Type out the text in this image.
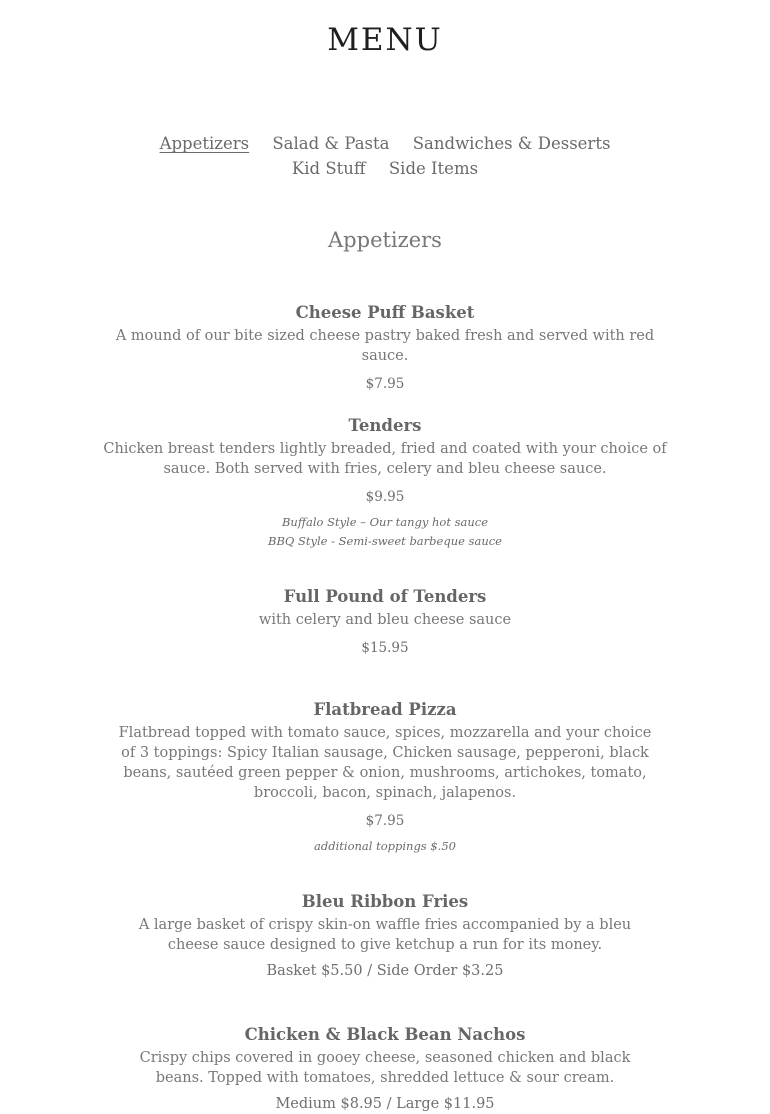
MENU
Appetizers Salad & Pasta Sandwiches & Desserts Kid Stuff Side Items
Appetizers

Cheese Puff Basket

A mound of our bite sized cheese pastry baked fresh and served with red sauce.

$7.95

Tenders

Chicken breast tenders lightly breaded, fried and coated with your choice of sauce. Both served with fries, celery and bleu cheese sauce.

$9.95

Buffalo Style – Our tangy hot sauce

BBQ Style - Semi-sweet barbeque sauce

Full Pound of Tenders

with celery and bleu cheese sauce

$15.95

Flatbread Pizza

Flatbread topped with tomato sauce, spices, mozzarella and your choice of 3 toppings: Spicy Italian sausage, Chicken sausage, pepperoni, black beans, sautéed green pepper & onion, mushrooms, artichokes, tomato, broccoli, bacon, spinach, jalapenos.

$7.95

additional toppings $.50

Bleu Ribbon Fries

A large basket of crispy skin-on waffle fries accompanied by a bleu cheese sauce designed to give ketchup a run for its money.

Basket $5.50 / Side Order $3.25

Chicken & Black Bean Nachos

Crispy chips covered in gooey cheese, seasoned chicken and black beans. Topped with tomatoes, shredded lettuce & sour cream.

Medium $8.95 / Large $11.95
